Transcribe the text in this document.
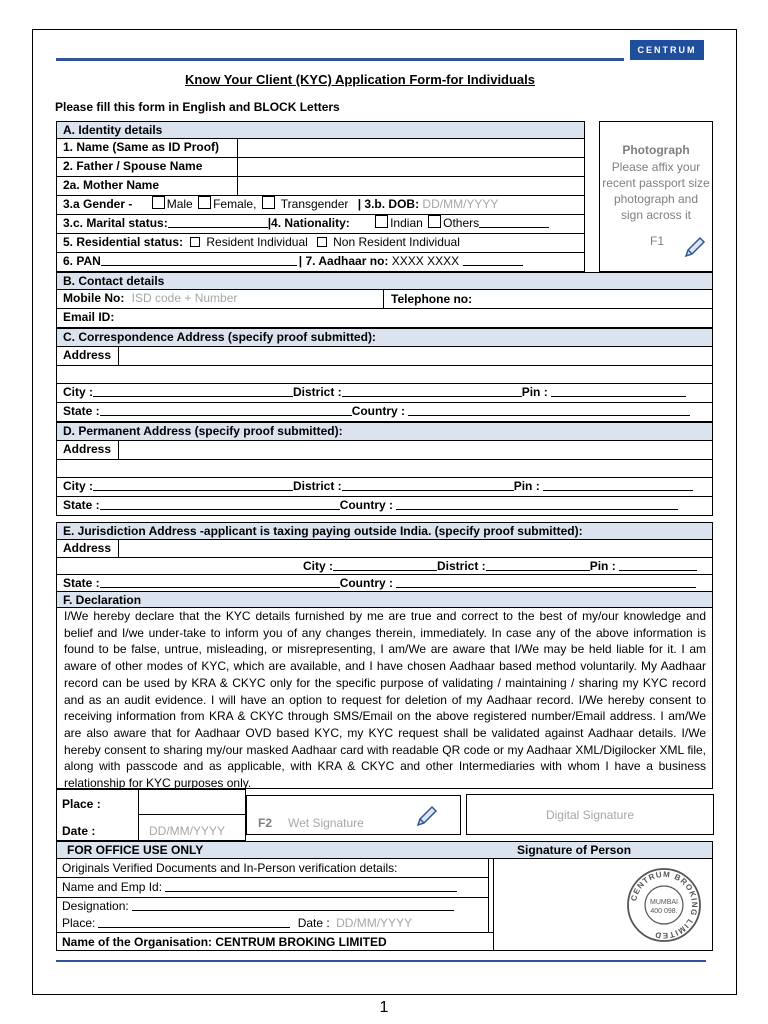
CENTRUM
Know Your Client (KYC) Application Form-for Individuals
Please fill this form in English and BLOCK Letters
Photograph
Please affix your recent passport size photograph and sign across it
F1
A. Identity details
1. Name (Same as ID Proof)
2. Father / Spouse Name
2a. Mother Name
3.a Gender -	Male Female, Transgender | 3.b. DOB: DD/MM/YYYY
3.c. Marital status:	|4. Nationality:	Indian Others
5. Residential status: Resident Individual Non Resident Individual
6. PAN	| 7. Aadhaar no: XXXX XXXX
B. Contact details
Mobile No: ISD code + Number	Telephone no:
Email ID:
C. Correspondence Address (specify proof submitted):
Address
City :	District :	Pin :
State :	Country :
D. Permanent Address (specify proof submitted):
Address
City :	District :	Pin :
State :	Country :
E. Jurisdiction Address -applicant is taxing paying outside India. (specify proof submitted):
Address
City :	District :	Pin :
State :	Country :
F. Declaration
I/We hereby declare that the KYC details furnished by me are true and correct to the best of my/our knowledge and belief and I/we under-take to inform you of any changes therein, immediately. In case any of the above information is found to be false, untrue, misleading, or misrepresenting, I am/We are aware that I/We may be held liable for it. I am aware of other modes of KYC, which are available, and I have chosen Aadhaar based method voluntarily. My Aadhaar record can be used by KRA & CKYC only for the specific purpose of validating / maintaining / sharing my KYC record and as an audit evidence. I will have an option to request for deletion of my Aadhaar record. I/We hereby consent to receiving information from KRA & CKYC through SMS/Email on the above registered number/Email address. I am/We are also aware that for Aadhaar OVD based KYC, my KYC request shall be validated against Aadhaar details. I/We hereby consent to sharing my/our masked Aadhaar card with readable QR code or my Aadhaar XML/Digilocker XML file, along with passcode and as applicable, with KRA & CKYC and other Intermediaries with whom I have a business relationship for KYC purposes only.
Place :
Date :	DD/MM/YYYY
F2 Wet Signature
Digital Signature
FOR OFFICE USE ONLY	Signature of Person
Originals Verified Documents and In-Person verification details:
Name and Emp Id:
Designation:
Place:	Date : DD/MM/YYYY
Name of the Organisation: CENTRUM BROKING LIMITED
CENTRUM BROKING LIMITED
MUMBAI
400 098.
1
